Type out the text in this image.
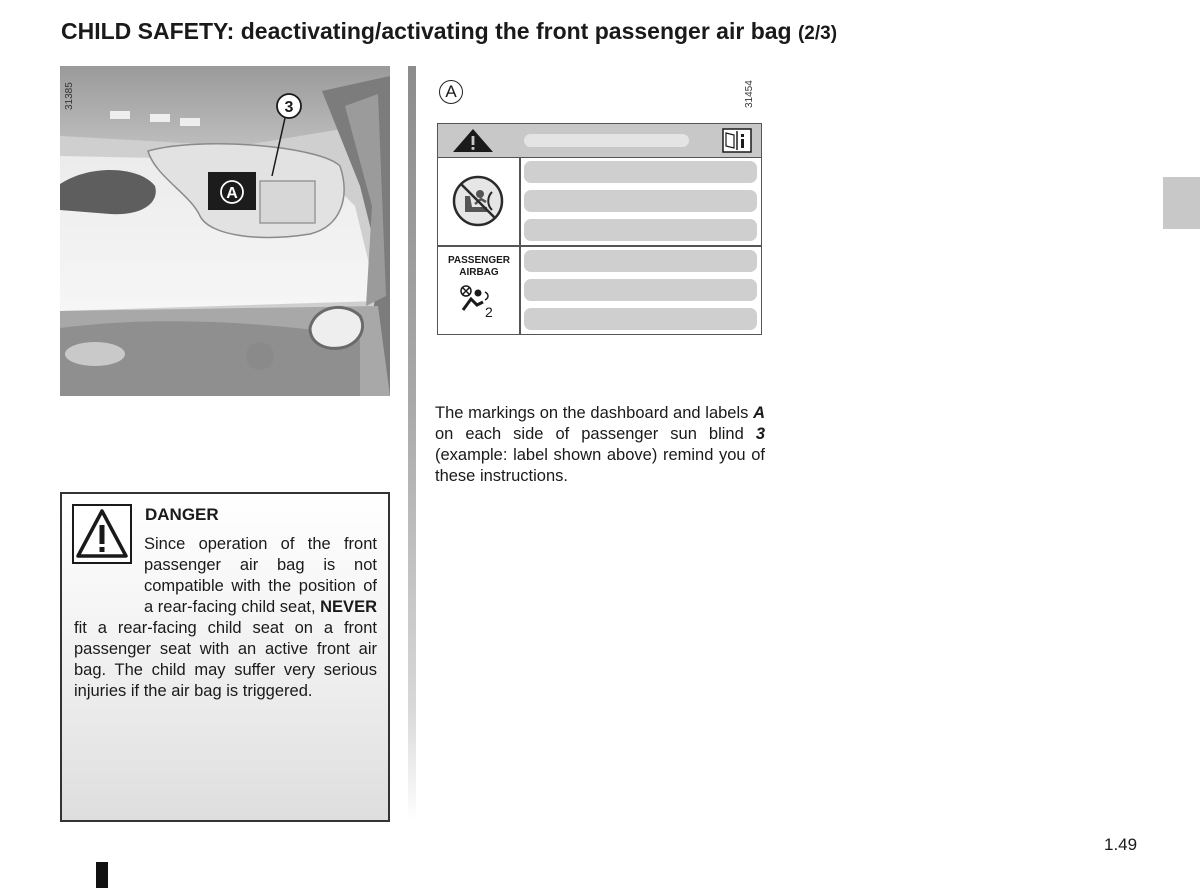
CHILD SAFETY: deactivating/activating the front passenger air bag (2/3)
A
3
31385	A	31454
PASSENGER AIRBAG
2
The markings on the dashboard and labels A on each side of passenger sun blind 3 (example: label shown above) remind you of these instructions.
DANGER
Since operation of the front passenger air bag is not compatible with the position of a rear-facing child seat, NEVER fit a rear-facing child seat on a front passenger seat with an active front air bag. The child may suffer very serious injuries if the air bag is triggered.
1.49
